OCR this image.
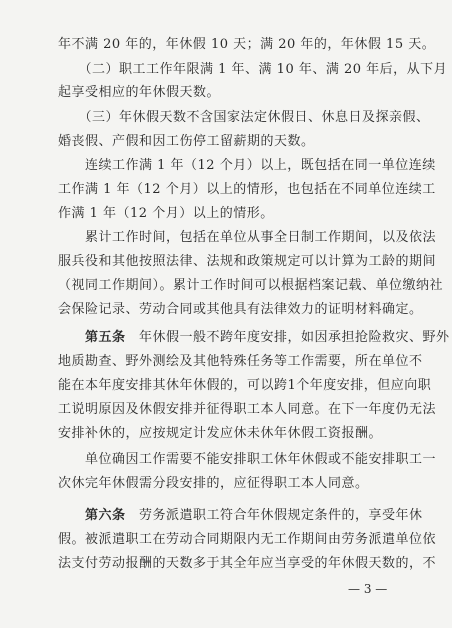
年不满 20 年的，年休假 10 天；满 20 年的，年休假 15 天。
　　（二）职工工作年限满 1 年、满 10 年、满 20 年后，从下月
起享受相应的年休假天数。
　　（三）年休假天数不含国家法定休假日、休息日及探亲假、
婚丧假、产假和因工伤停工留薪期的天数。
　　连续工作满 1 年（12 个月）以上，既包括在同一单位连续
工作满 1 年（12 个月）以上的情形，也包括在不同单位连续工
作满 1 年（12 个月）以上的情形。
　　累计工作时间，包括在单位从事全日制工作期间，以及依法
服兵役和其他按照法律、法规和政策规定可以计算为工龄的期间
（视同工作期间）。累计工作时间可以根据档案记载、单位缴纳社
会保险记录、劳动合同或其他具有法律效力的证明材料确定。
　　第五条　年休假一般不跨年度安排，如因承担抢险救灾、野外
地质勘查、野外测绘及其他特殊任务等工作需要，所在单位不
能在本年度安排其休年休假的，可以跨1个年度安排，但应向职
工说明原因及休假安排并征得职工本人同意。在下一年度仍无法
安排补休的，应按规定计发应休未休年休假工资报酬。
　　单位确因工作需要不能安排职工休年休假或不能安排职工一
次休完年休假需分段安排的，应征得职工本人同意。
— 3 —
　　第六条　劳务派遣职工符合年休假规定条件的，享受年休
假。被派遣职工在劳动合同期限内无工作期间由劳务派遣单位依
法支付劳动报酬的天数多于其全年应当享受的年休假天数的，不
